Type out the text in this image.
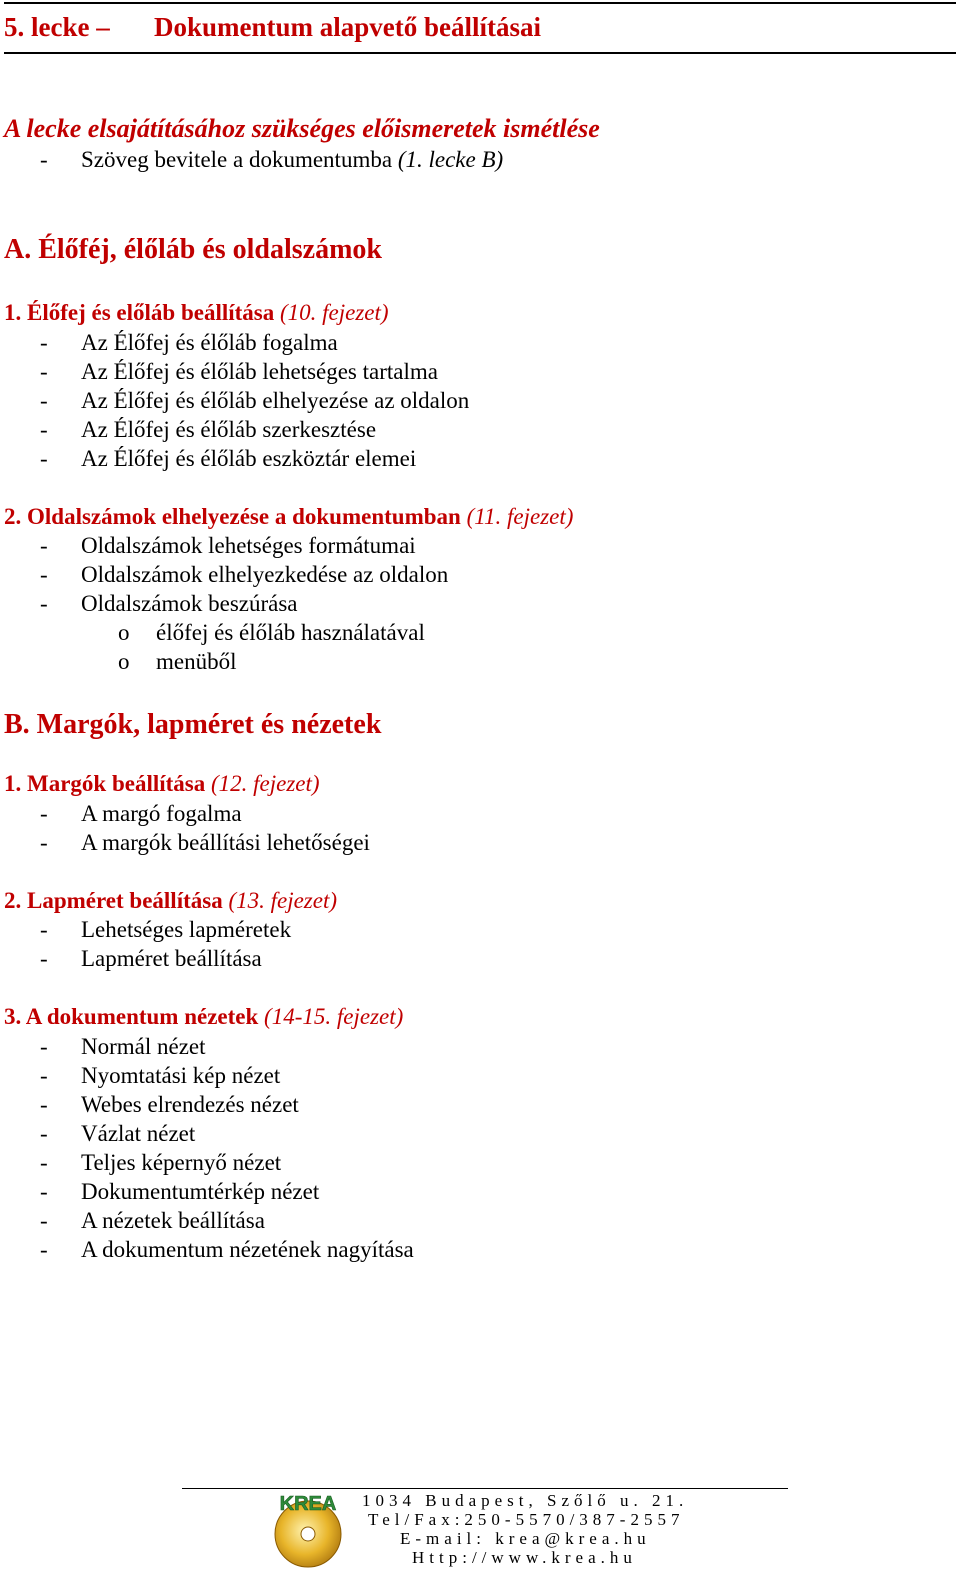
5. lecke – Dokumentum alapvető beállításai
A lecke elsajátításához szükséges előismeretek ismétlése
- Szöveg bevitele a dokumentumba (1. lecke B)
A. Élőféj, élőláb és oldalszámok
1. Élőfej és előláb beállítása (10. fejezet)
- Az Élőfej és élőláb fogalma
- Az Élőfej és élőláb lehetséges tartalma
- Az Élőfej és élőláb elhelyezése az oldalon
- Az Élőfej és élőláb szerkesztése
- Az Élőfej és élőláb eszköztár elemei
2. Oldalszámok elhelyezése a dokumentumban (11. fejezet)
- Oldalszámok lehetséges formátumai
- Oldalszámok elhelyezkedése az oldalon
- Oldalszámok beszúrása
o élőfej és élőláb használatával
o menüből
B. Margók, lapméret és nézetek
1. Margók beállítása (12. fejezet)
- A margó fogalma
- A margók beállítási lehetőségei
2. Lapméret beállítása (13. fejezet)
- Lehetséges lapméretek
- Lapméret beállítása
3. A dokumentum nézetek (14-15. fejezet)
- Normál nézet
- Nyomtatási kép nézet
- Webes elrendezés nézet
- Vázlat nézet
- Teljes képernyő nézet
- Dokumentumtérkép nézet
- A nézetek beállítása
- A dokumentum nézetének nagyítása
KREA 1034 Budapest, Szőlő u. 21.
Tel/Fax:250-5570/387-2557
E-mail: krea@krea.hu
Http://www.krea.hu
